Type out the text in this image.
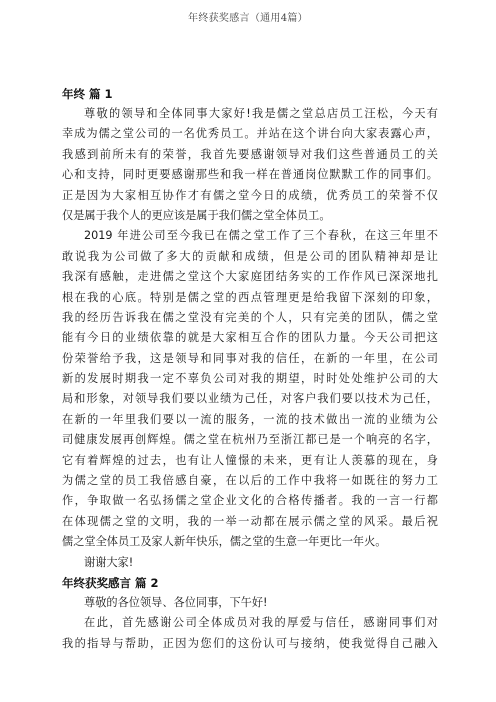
年终获奖感言（通用4篇）
年终 篇 1
尊敬的领导和全体同事大家好!我是儒之堂总店员工汪松，今天有
幸成为儒之堂公司的一名优秀员工。并站在这个讲台向大家表露心声，
我感到前所未有的荣誉，我首先要感谢领导对我们这些普通员工的关
心和支持，同时更要感谢那些和我一样在普通岗位默默工作的同事们。
正是因为大家相互协作才有儒之堂今日的成绩，优秀员工的荣誉不仅
仅是属于我个人的更应该是属于我们儒之堂全体员工。
2019 年进公司至今我已在儒之堂工作了三个春秋，在这三年里不
敢说我为公司做了多大的贡献和成绩，但是公司的团队精神却是让
我深有感触，走进儒之堂这个大家庭团结务实的工作作风已深深地扎
根在我的心底。特别是儒之堂的西点管理更是给我留下深刻的印象，
我的经历告诉我在儒之堂没有完美的个人，只有完美的团队，儒之堂
能有今日的业绩依靠的就是大家相互合作的团队力量。今天公司把这
份荣誉给予我，这是领导和同事对我的信任，在新的一年里，在公司
新的发展时期我一定不辜负公司对我的期望，时时处处维护公司的大
局和形象，对领导我们要以业绩为己任，对客户我们要以技术为己任，
在新的一年里我们要以一流的服务，一流的技术做出一流的业绩为公
司健康发展再创辉煌。儒之堂在杭州乃至浙江都已是一个响亮的名字，
它有着辉煌的过去，也有让人憧憬的未来，更有让人羡慕的现在，身
为儒之堂的员工我倍感自豪，在以后的工作中我将一如既往的努力工
作，争取做一名弘扬儒之堂企业文化的合格传播者。我的一言一行都
在体现儒之堂的文明，我的一举一动都在展示儒之堂的风采。最后祝
儒之堂全体员工及家人新年快乐，儒之堂的生意一年更比一年火。
谢谢大家!
年终获奖感言 篇 2
尊敬的各位领导、各位同事，下午好!
在此，首先感谢公司全体成员对我的厚爱与信任，感谢同事们对
我的指导与帮助，正因为您们的这份认可与接纳，使我觉得自己融入
